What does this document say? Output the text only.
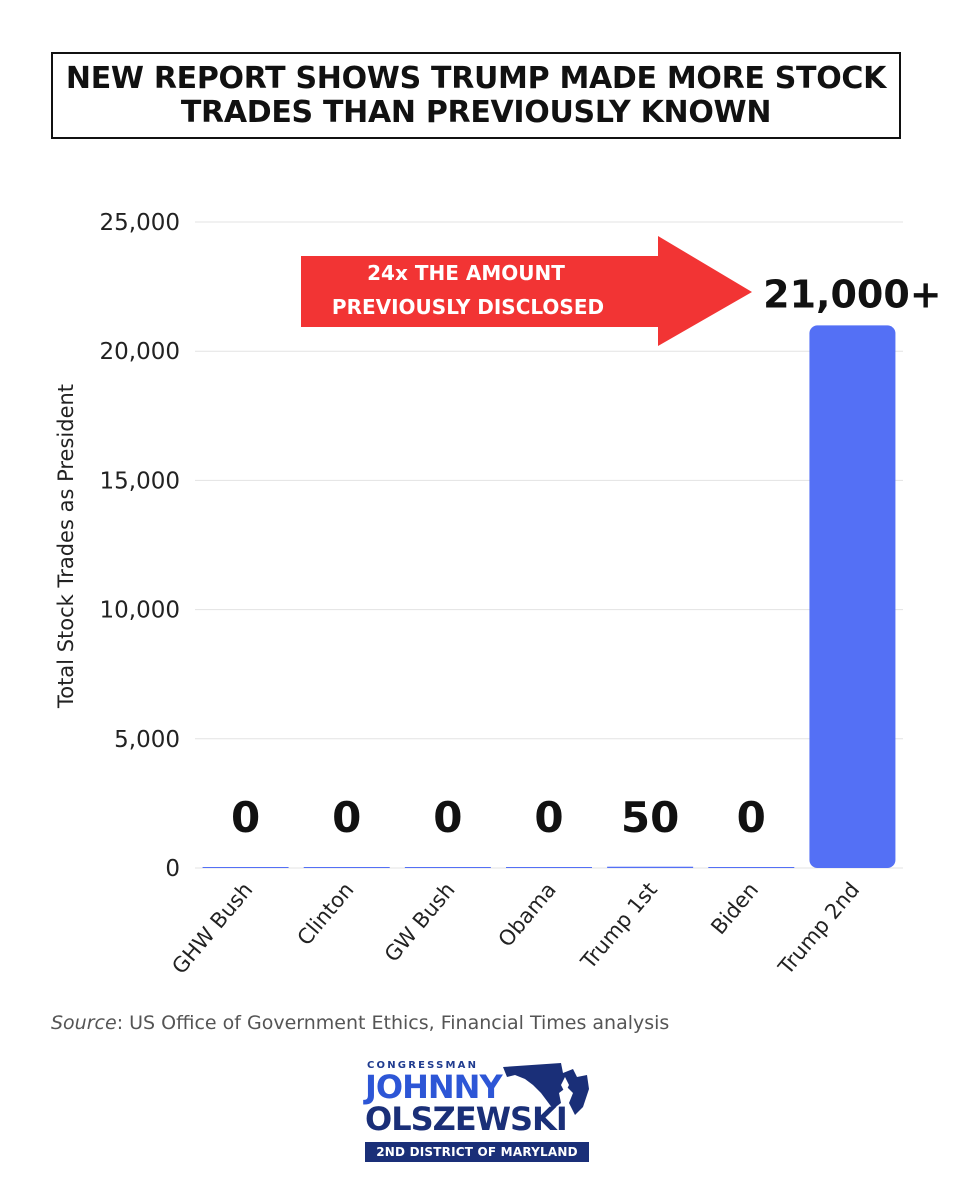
NEW REPORT SHOWS TRUMP MADE MORE STOCK
TRADES THAN PREVIOUSLY KNOWN
0
5,000
10,000
15,000
20,000
25,000
Total Stock Trades as President
0
GHW Bush
0
Clinton
0
GW Bush
0
Obama
50
Trump 1st
0
Biden
21,000+
Trump 2nd
24x THE AMOUNT
PREVIOUSLY DISCLOSED
Source: US Office of Government Ethics, Financial Times analysis
CONGRESSMAN
JOHNNY
OLSZEWSKI
2ND DISTRICT OF MARYLAND
